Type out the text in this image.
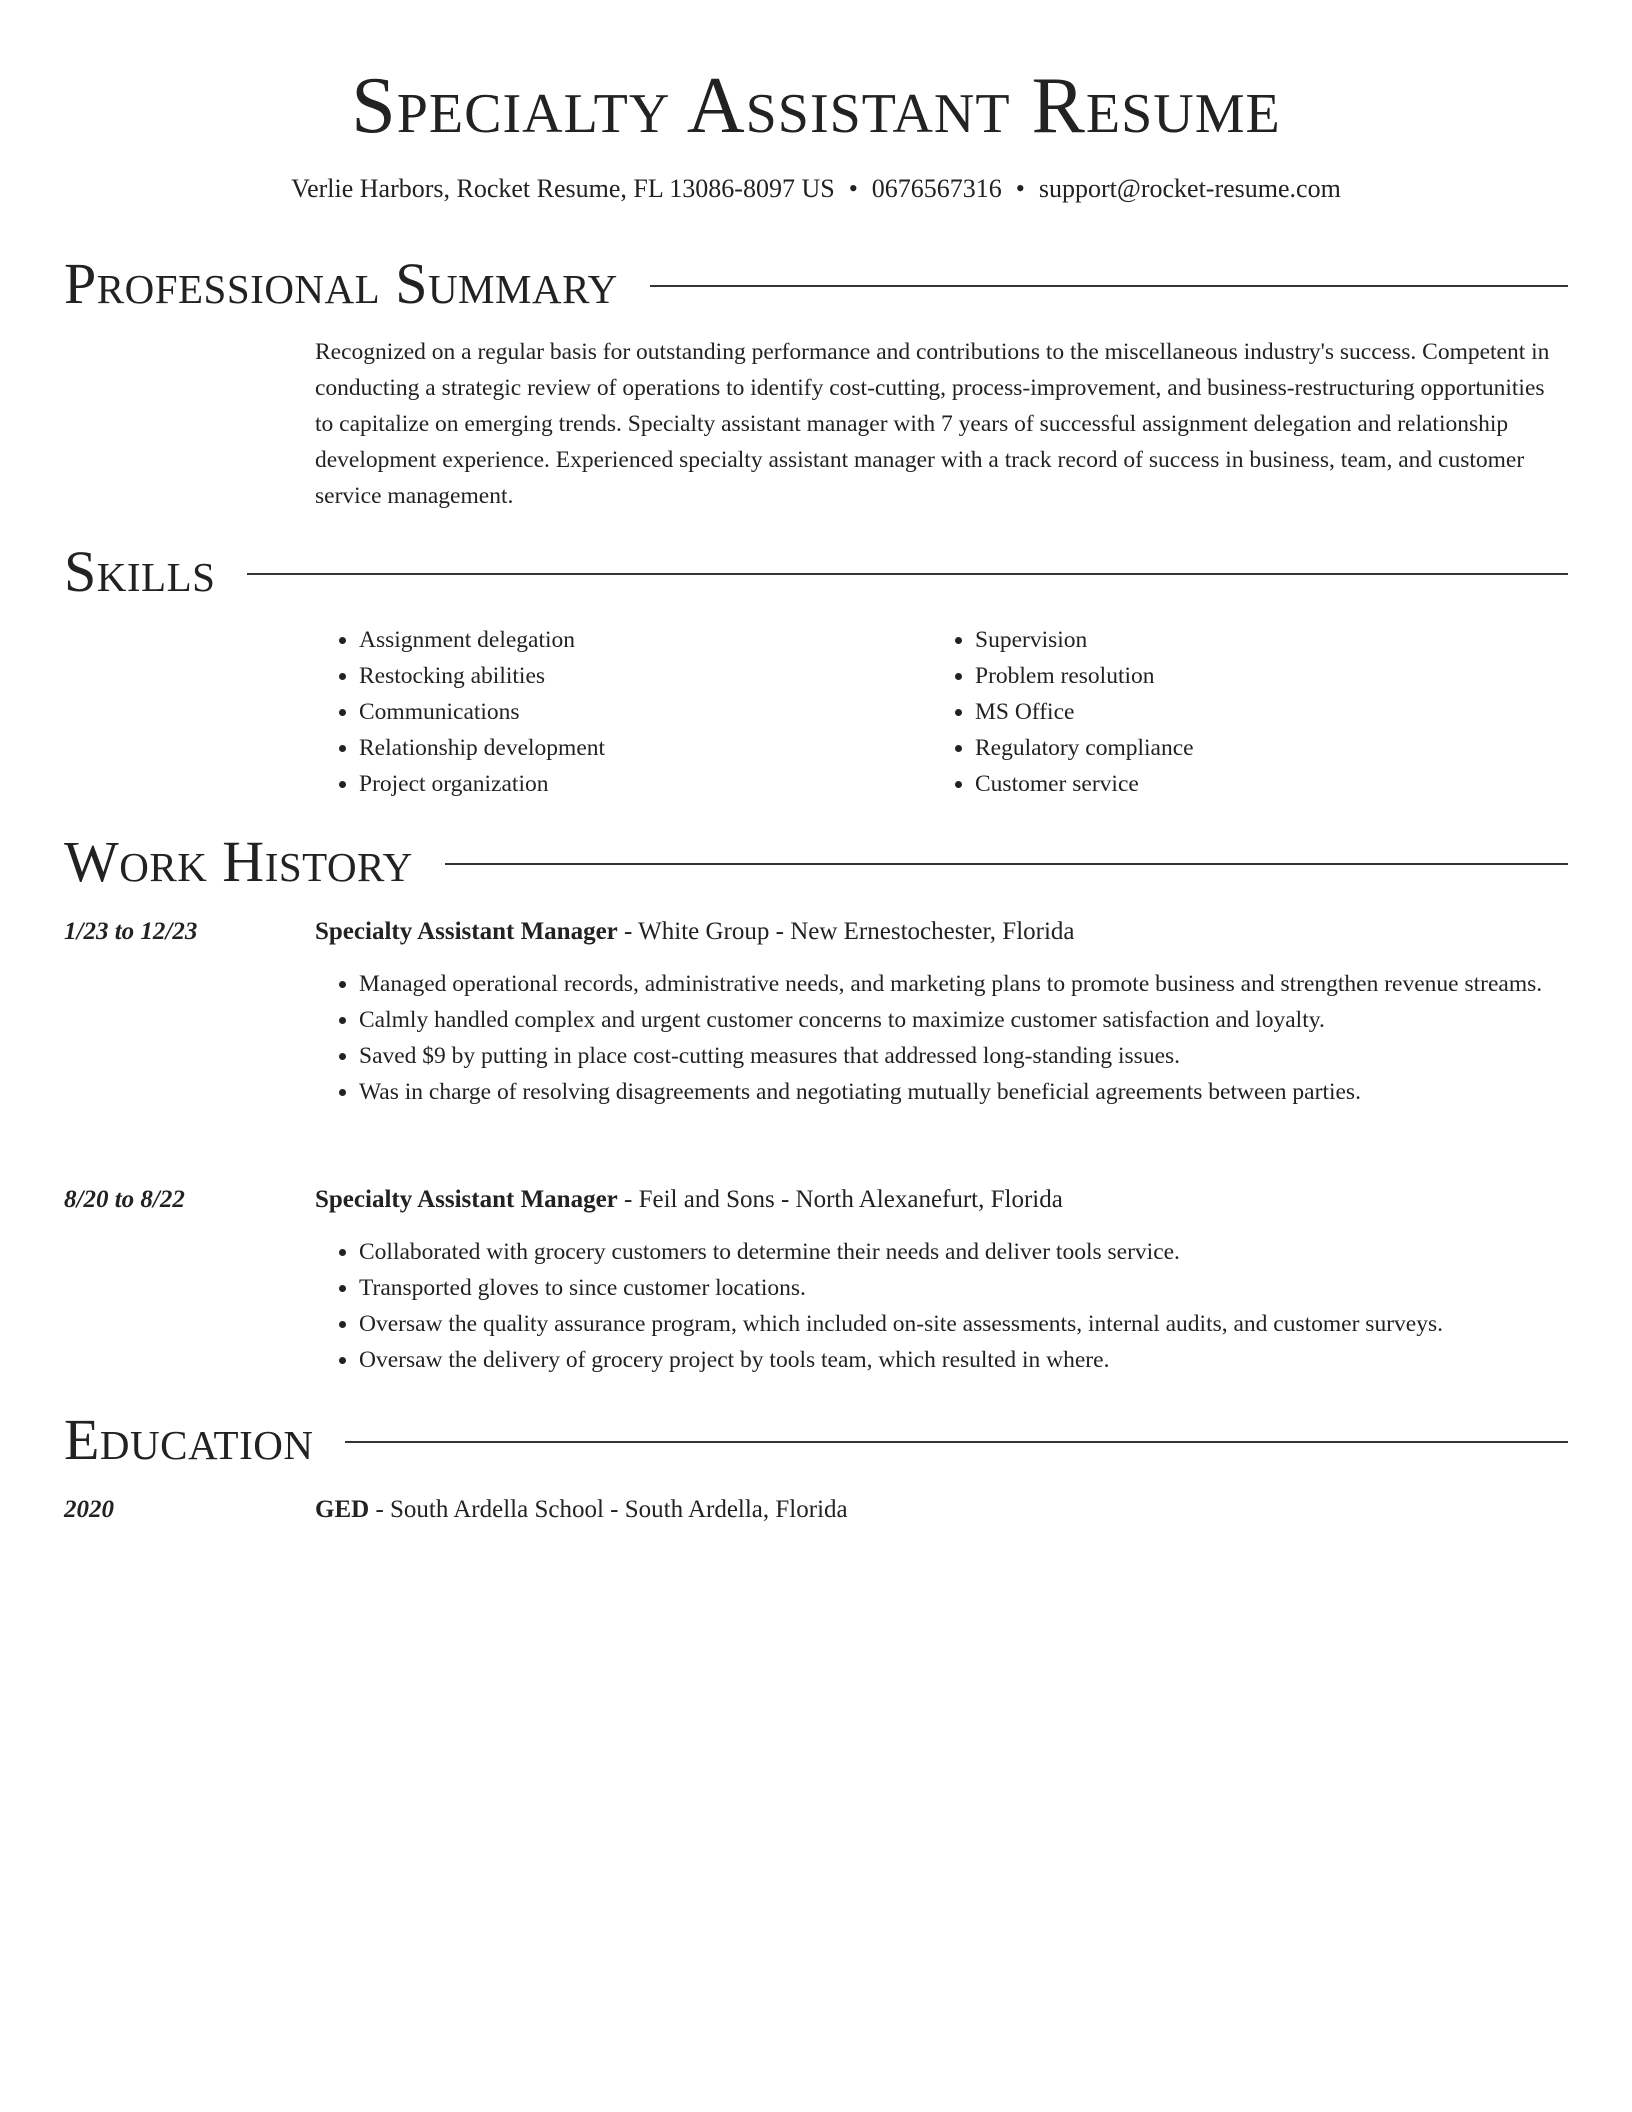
Specialty Assistant Resume
Verlie Harbors, Rocket Resume, FL 13086-8097 US • 0676567316 • support@rocket-resume.com
Professional Summary
Recognized on a regular basis for outstanding performance and contributions to the miscellaneous industry's success. Competent in conducting a strategic review of operations to identify cost-cutting, process-improvement, and business-restructuring opportunities to capitalize on emerging trends. Specialty assistant manager with 7 years of successful assignment delegation and relationship development experience. Experienced specialty assistant manager with a track record of success in business, team, and customer service management.
Skills
• Assignment delegation
• Restocking abilities
• Communications
• Relationship development
• Project organization
• Supervision
• Problem resolution
• MS Office
• Regulatory compliance
• Customer service
Work History
1/23 to 12/23	Specialty Assistant Manager - White Group - New Ernestochester, Florida
• Managed operational records, administrative needs, and marketing plans to promote business and strengthen revenue streams.
• Calmly handled complex and urgent customer concerns to maximize customer satisfaction and loyalty.
• Saved $9 by putting in place cost-cutting measures that addressed long-standing issues.
• Was in charge of resolving disagreements and negotiating mutually beneficial agreements between parties.
8/20 to 8/22	Specialty Assistant Manager - Feil and Sons - North Alexanefurt, Florida
• Collaborated with grocery customers to determine their needs and deliver tools service.
• Transported gloves to since customer locations.
• Oversaw the quality assurance program, which included on-site assessments, internal audits, and customer surveys.
• Oversaw the delivery of grocery project by tools team, which resulted in where.
Education
2020	GED - South Ardella School - South Ardella, Florida
